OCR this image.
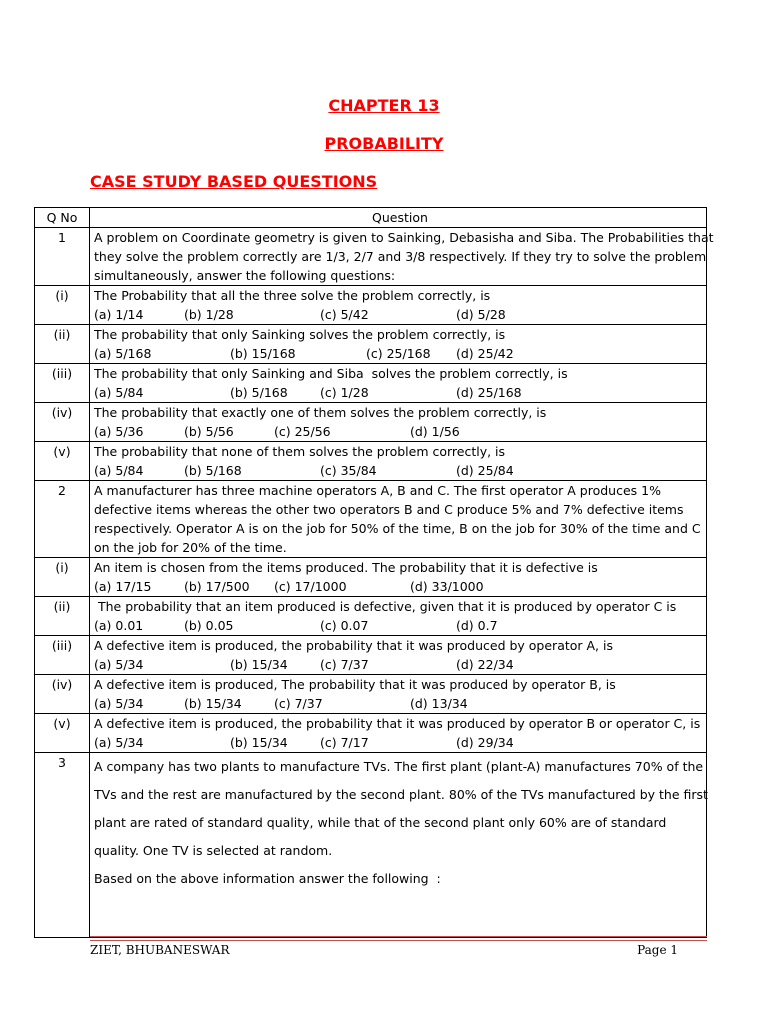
CHAPTER 13
PROBABILITY
CASE STUDY BASED QUESTIONS
Q No	Question
1	A problem on Coordinate geometry is given to Sainking, Debasisha and Siba. The Probabilities that
they solve the problem correctly are 1/3, 2/7 and 3/8 respectively. If they try to solve the problem
simultaneously, answer the following questions:

(i)	The Probability that all the three solve the problem correctly, is
(a) 1/14 (b) 1/28 (c) 5/42 (d) 5/28

(ii)	The probability that only Sainking solves the problem correctly, is
(a) 5/168 (b) 15/168 (c) 25/168 (d) 25/42

(iii)	The probability that only Sainking and Siba  solves the problem correctly, is
(a) 5/84 (b) 5/168 (c) 1/28 (d) 25/168

(iv)	The probability that exactly one of them solves the problem correctly, is
(a) 5/36 (b) 5/56 (c) 25/56 (d) 1/56

(v)	The probability that none of them solves the problem correctly, is
(a) 5/84 (b) 5/168 (c) 35/84 (d) 25/84

2	A manufacturer has three machine operators A, B and C. The first operator A produces 1%
defective items whereas the other two operators B and C produce 5% and 7% defective items
respectively. Operator A is on the job for 50% of the time, B on the job for 30% of the time and C
on the job for 20% of the time.

(i)	An item is chosen from the items produced. The probability that it is defective is
(a) 17/15 (b) 17/500 (c) 17/1000 (d) 33/1000

(ii)	The probability that an item produced is defective, given that it is produced by operator C is
(a) 0.01 (b) 0.05 (c) 0.07 (d) 0.7

(iii)	A defective item is produced, the probability that it was produced by operator A, is
(a) 5/34 (b) 15/34 (c) 7/37 (d) 22/34

(iv)	A defective item is produced, The probability that it was produced by operator B, is
(a) 5/34 (b) 15/34 (c) 7/37 (d) 13/34

(v)	A defective item is produced, the probability that it was produced by operator B or operator C, is
(a) 5/34 (b) 15/34 (c) 7/17 (d) 29/34

3	A company has two plants to manufacture TVs. The first plant (plant-A) manufactures 70% of the
TVs and the rest are manufactured by the second plant. 80% of the TVs manufactured by the first
plant are rated of standard quality, while that of the second plant only 60% are of standard
quality. One TV is selected at random.
Based on the above information answer the following  :
ZIET, BHUBANESWAR	Page 1
